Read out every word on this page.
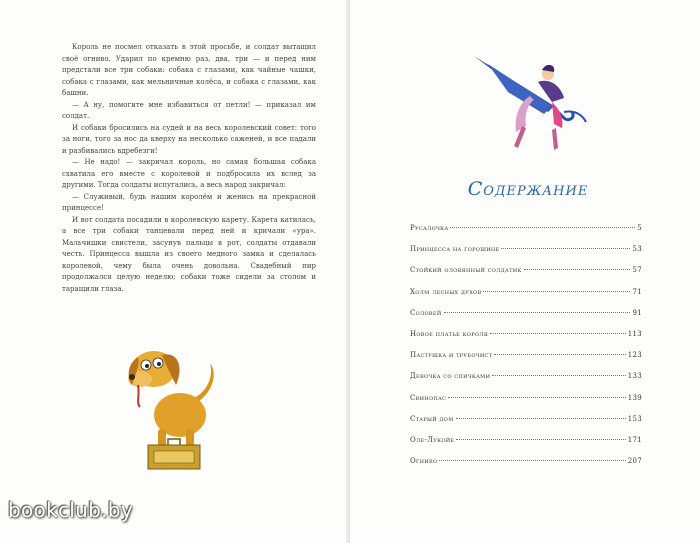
Король не посмел отказать в этой просьбе, и солдат вытащил своё огниво. Ударил по кремню раз, два, три — и перед ним предстали все три собаки: собака с глазами, как чайные чашки, собака с глазами, как мельничные колёса, и собака с глазами, как башни.

— А ну, помогите мне избавиться от петли! — приказал им солдат.

И собаки бросились на судей и на весь королевский совет: того за ноги, того за нос да кверху на несколько саженей, и все падали и разбивались вдребезги!

— Не надо! — закричал король, но самая большая собака схватила его вместе с королевой и подбросила их вслед за другими. Тогда солдаты испугались, а весь народ закричал:

— Служивый, будь нашим королём и женись на прекрасной принцессе!

И вот солдата посадили в королевскую карету. Карета катилась, а все три собаки танцевали перед ней и кричали «ура». Мальчишки свистели, засунув пальцы в рот, солдаты отдавали честь. Принцесса вышла из своего медного замка и сделалась королевой, чему была очень довольна. Свадебный пир продолжался целую неделю; собаки тоже сидели за столом и таращили глаза.

Содержание
Русалочка	5
Принцесса на горошине	53
Стойкий оловянный солдатик	57
Холм лесных духов	71
Соловей	91
Новое платье короля	113
Пастушка и трубочист	123
Девочка со спичками	133
Свинопас	139
Старый дом	153
Оле-Лукойе	171
Огниво	207
bookclub.by
